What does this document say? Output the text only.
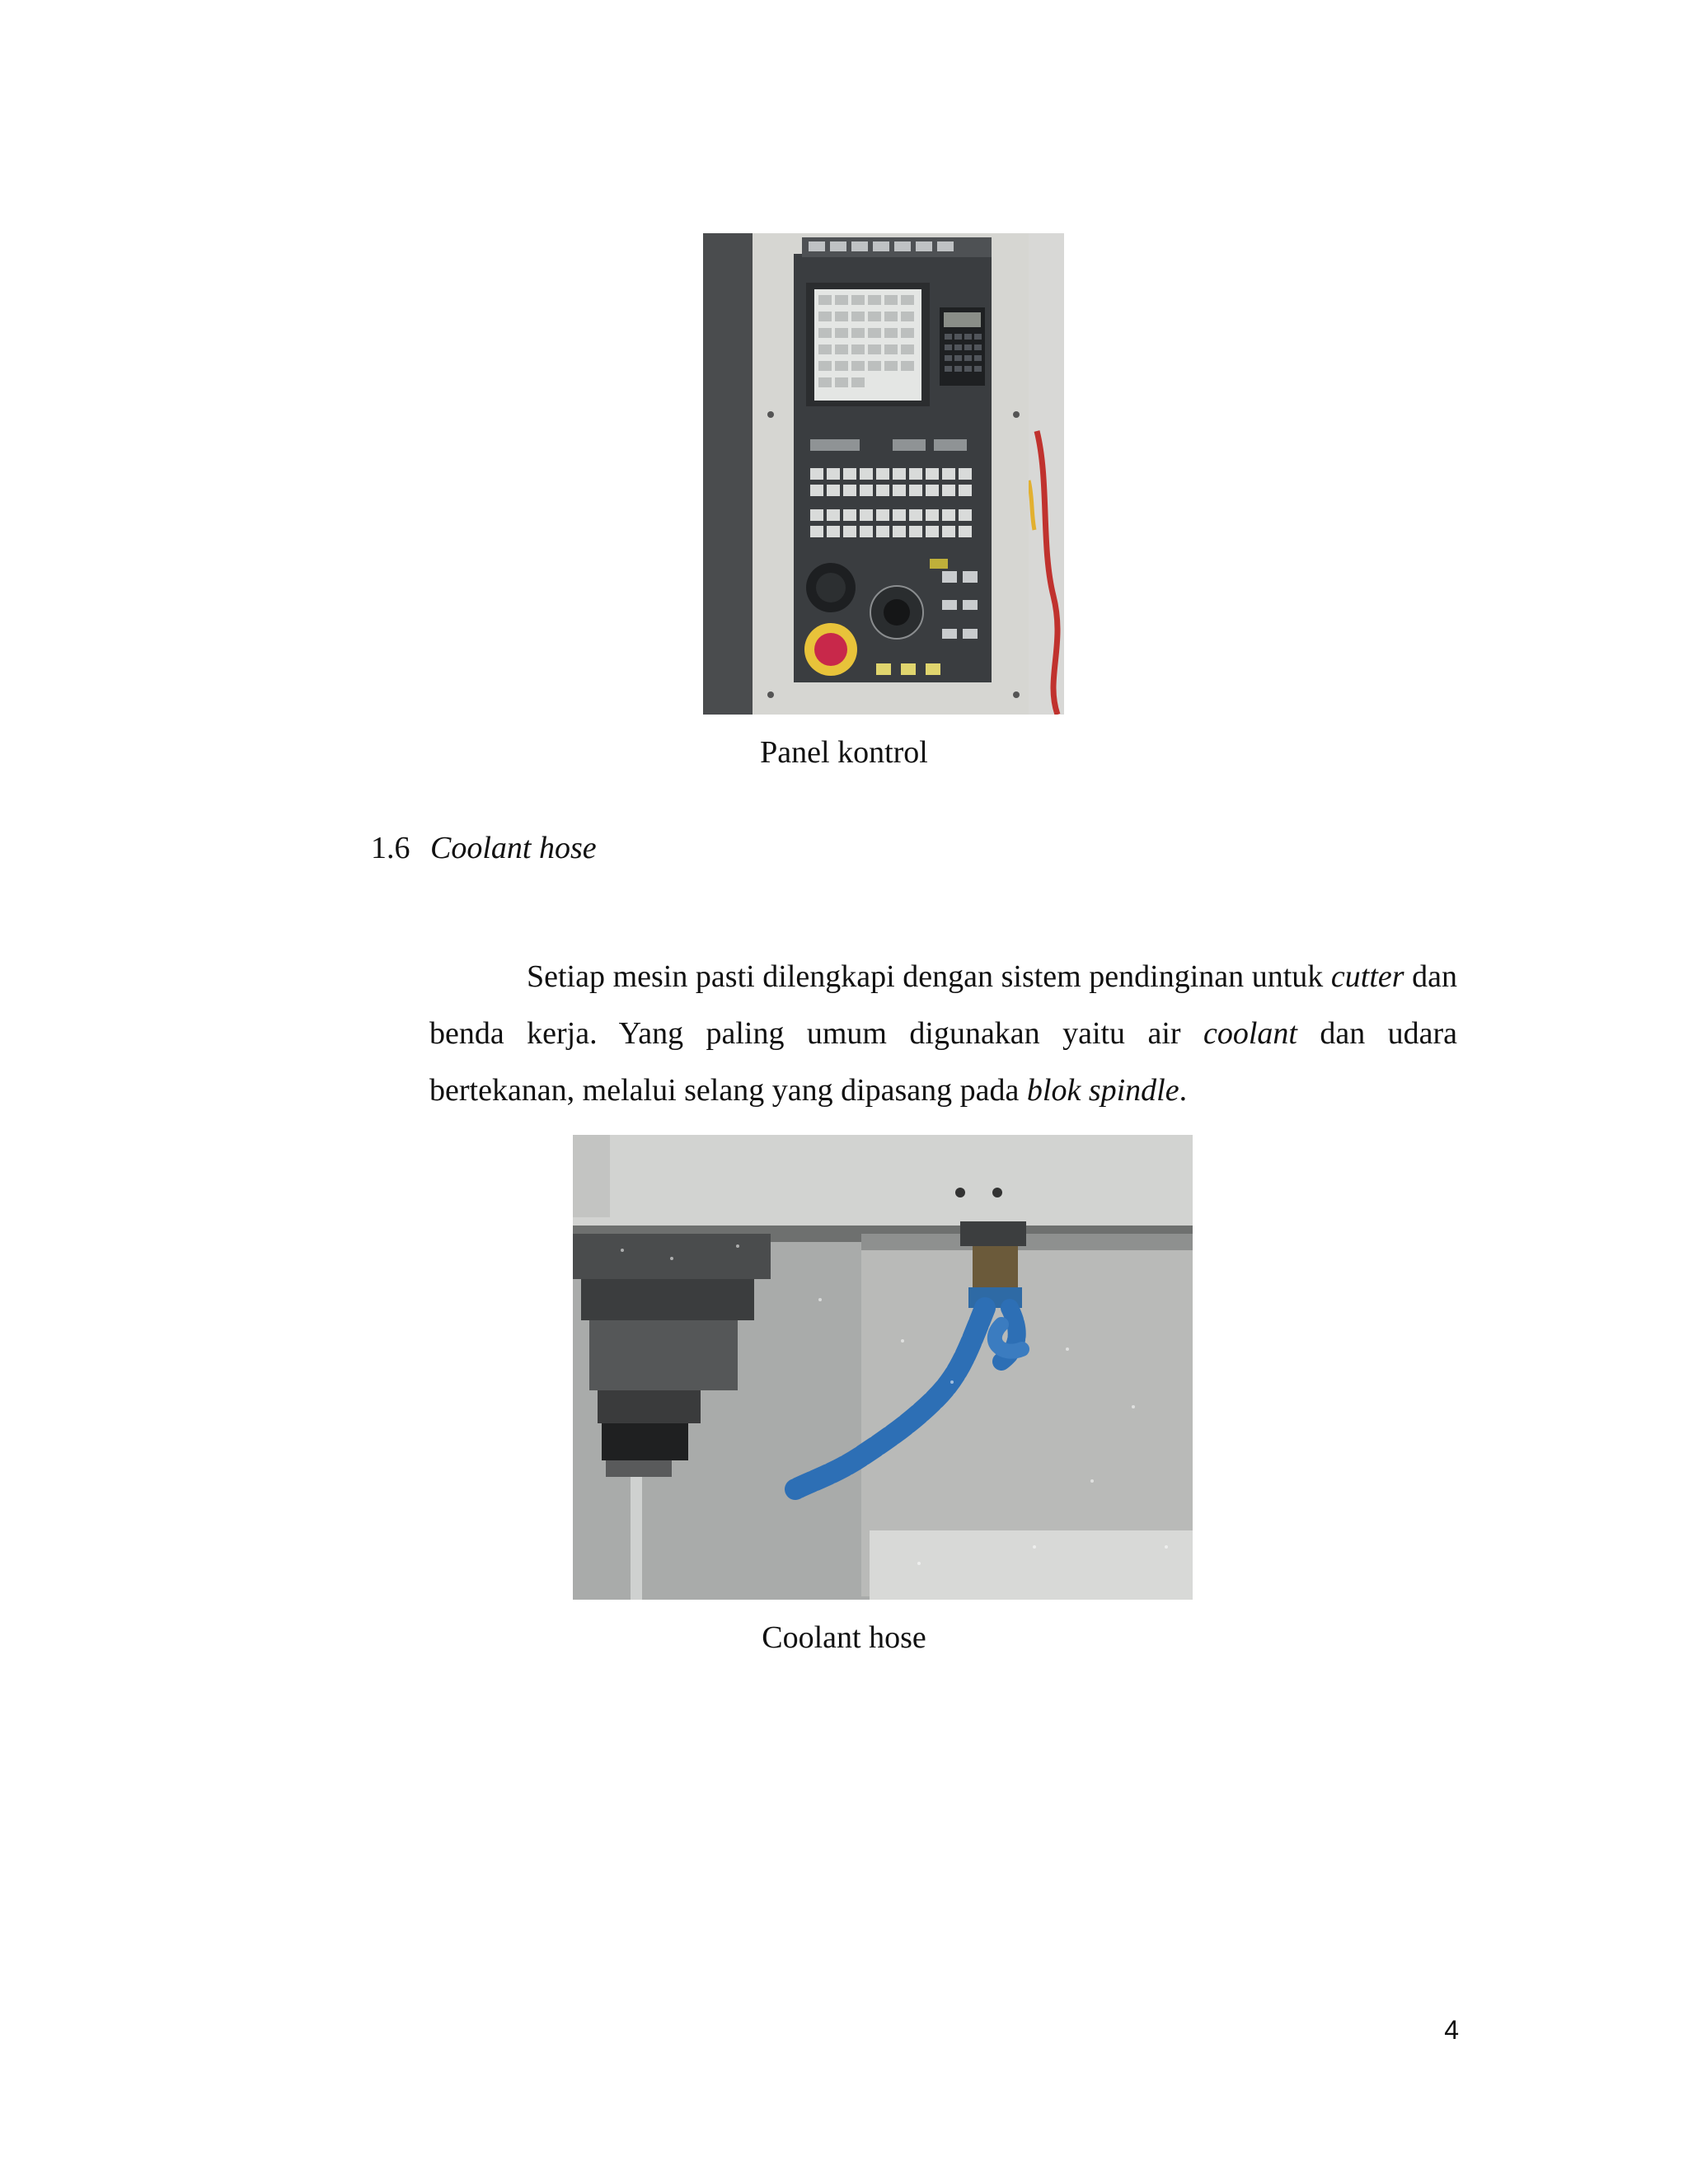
Panel kontrol
1.6 Coolant hose

Setiap mesin pasti dilengkapi dengan sistem pendinginan untuk cutter dan benda kerja. Yang paling umum digunakan yaitu air coolant dan udara bertekanan, melalui selang yang dipasang pada blok spindle.

Coolant hose
4
